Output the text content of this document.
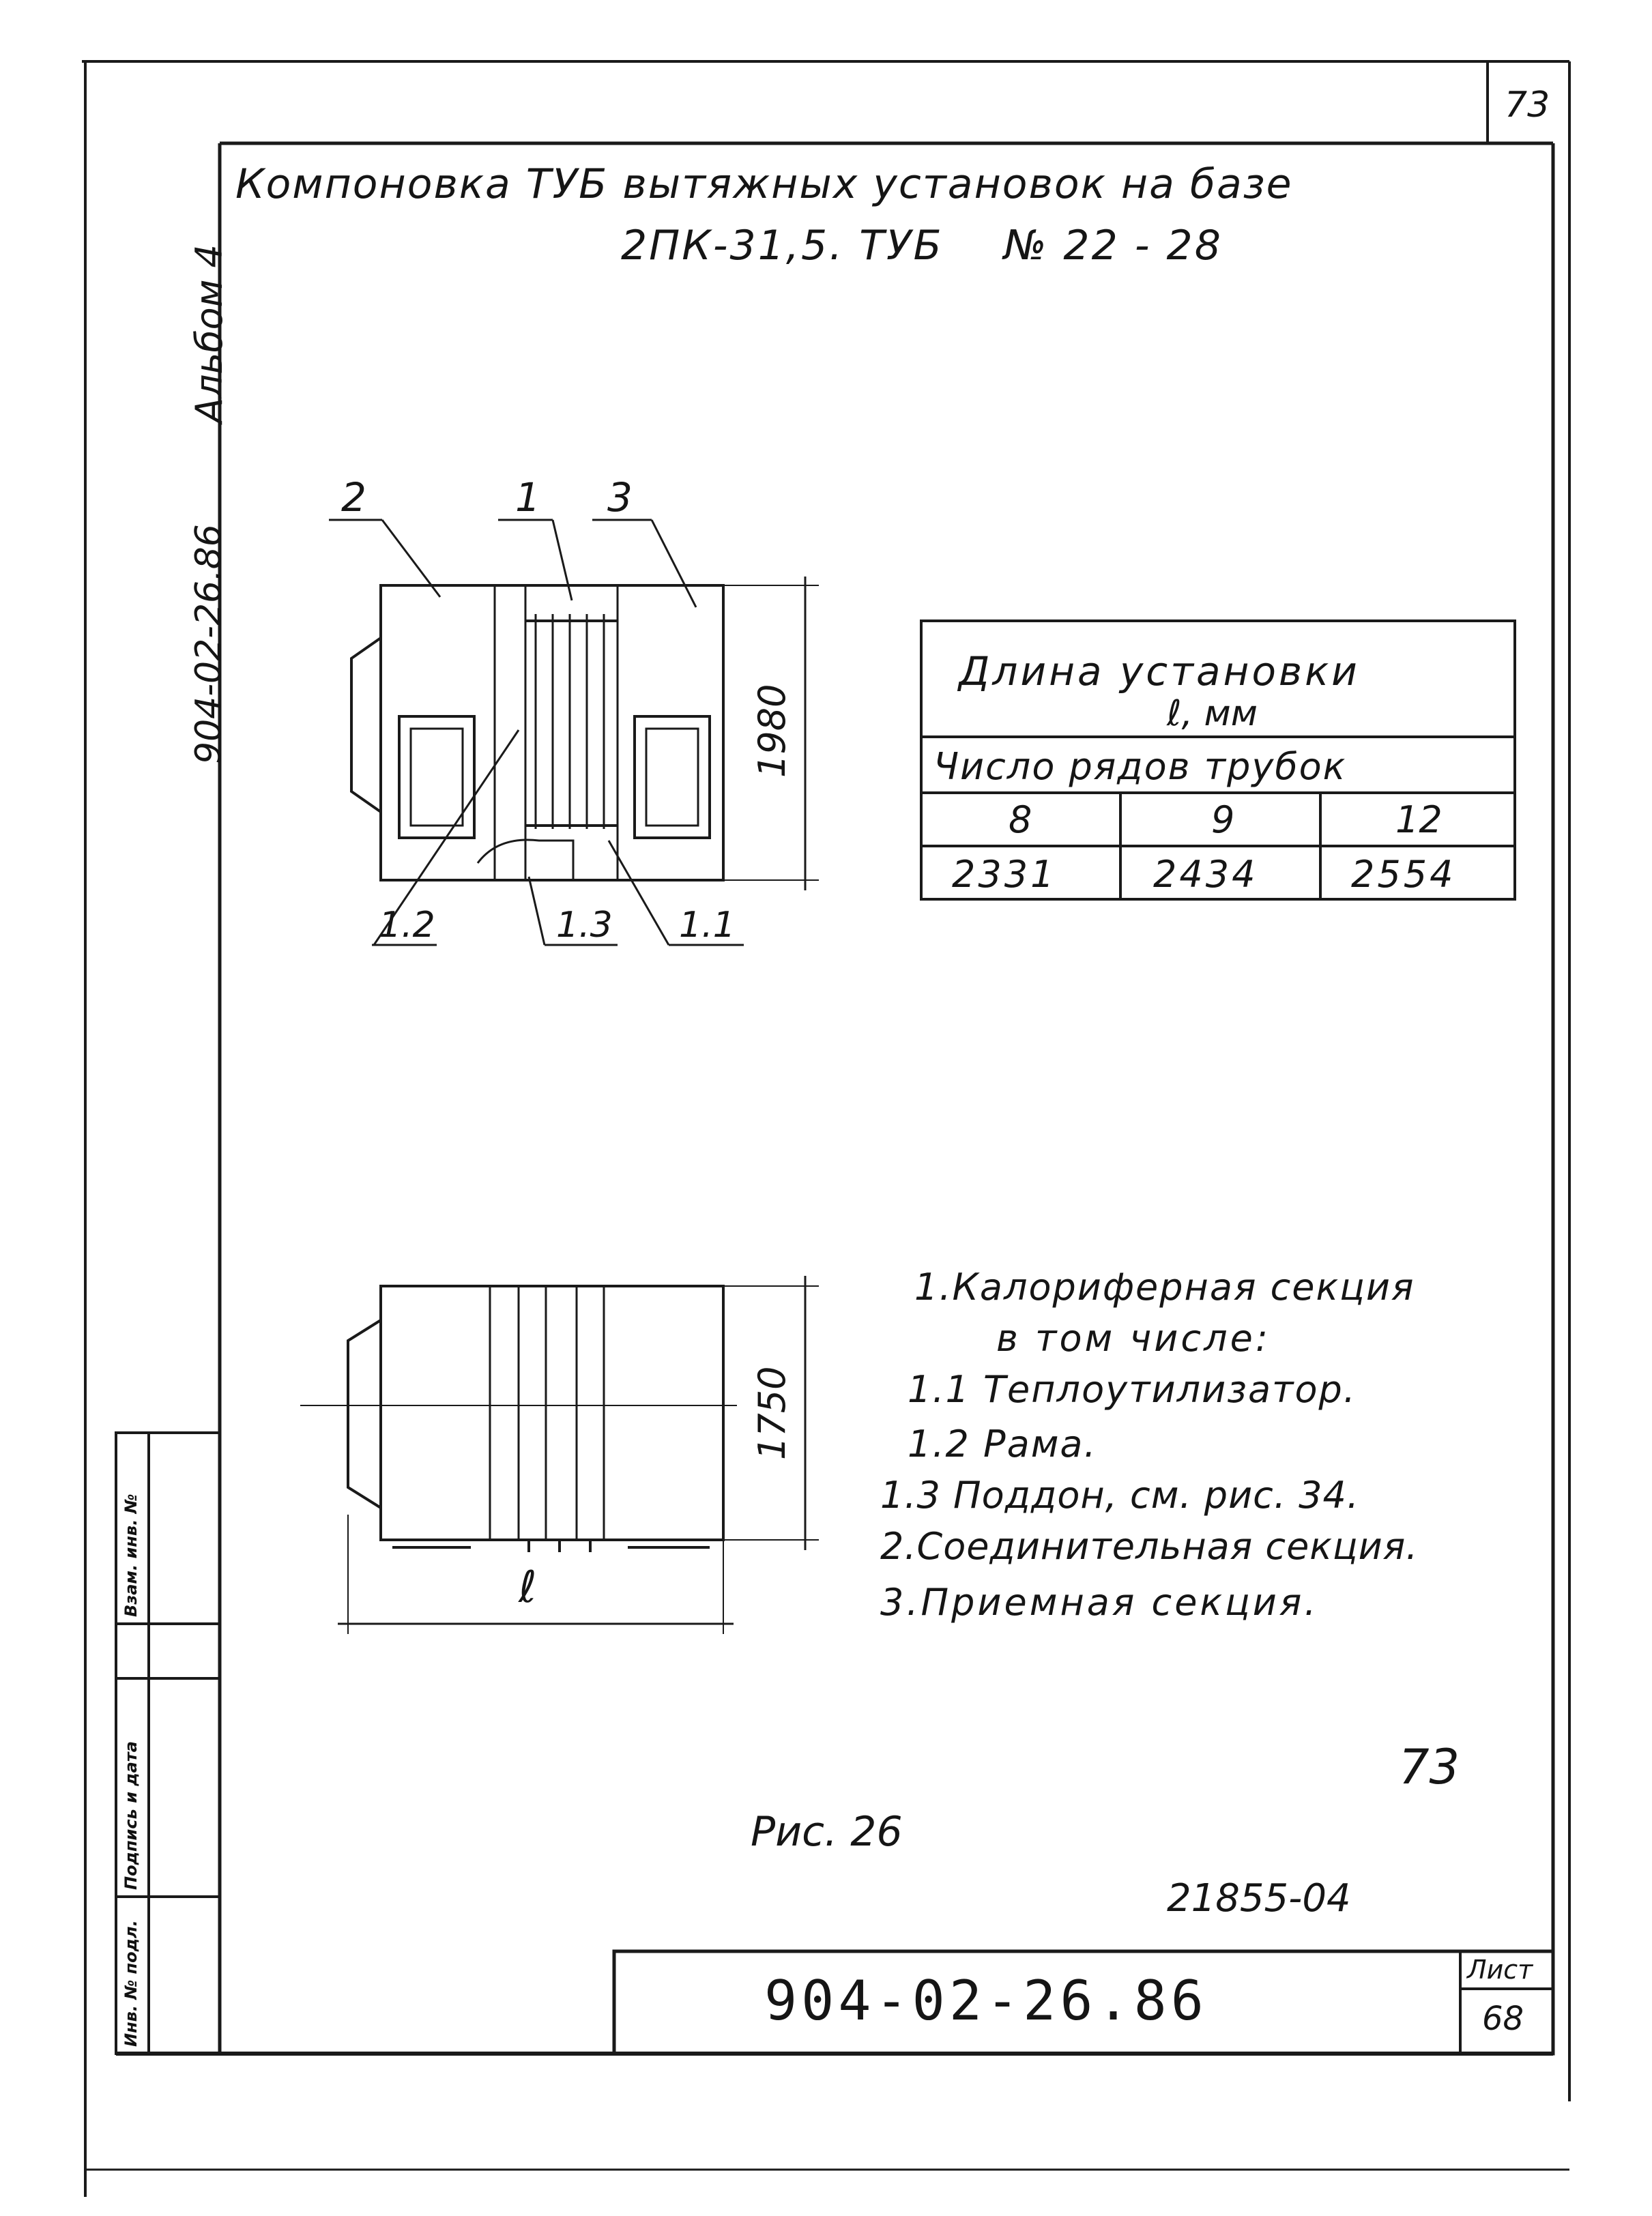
73
Компоновка ТУБ вытяжных установок на базе
2ПК-31,5. ТУБ    № 22 - 28
Альбом 4
904-02-26.86
2	1 3
1.2	1.3 1.1
1980
Длина установки
ℓ, мм
Число рядов трубок
8	9	12
2331	2434	2554
1750
ℓ
1.Калориферная секция
в том числе:
1.1 Теплоутилизатор.
1.2 Рама.
1.3 Поддон, см. рис. 34.
2.Соединительная секция.
3.Приемная секция.
73
Рис. 26
21855-04
904-02-26.86	Лист
68
Инв. № подл.
Подпись и дата
Взам. инв. №
